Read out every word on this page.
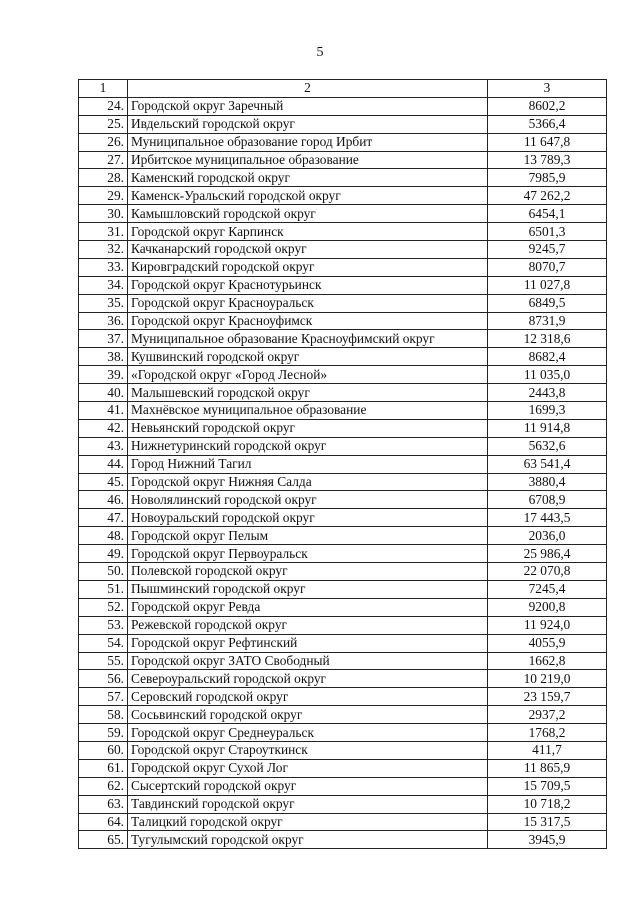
5
1	2	3
24.	Городской округ Заречный	8602,2
25.	Ивдельский городской округ	5366,4
26.	Муниципальное образование город Ирбит	11 647,8
27.	Ирбитское муниципальное образование	13 789,3
28.	Каменский городской округ	7985,9
29.	Каменск-Уральский городской округ	47 262,2
30.	Камышловский городской округ	6454,1
31.	Городской округ Карпинск	6501,3
32.	Качканарский городской округ	9245,7
33.	Кировградский городской округ	8070,7
34.	Городской округ Краснотурьинск	11 027,8
35.	Городской округ Красноуральск	6849,5
36.	Городской округ Красноуфимск	8731,9
37.	Муниципальное образование Красноуфимский округ	12 318,6
38.	Кушвинский городской округ	8682,4
39.	«Городской округ «Город Лесной»	11 035,0
40.	Малышевский городской округ	2443,8
41.	Махнёвское муниципальное образование	1699,3
42.	Невьянский городской округ	11 914,8
43.	Нижнетуринский городской округ	5632,6
44.	Город Нижний Тагил	63 541,4
45.	Городской округ Нижняя Салда	3880,4
46.	Новолялинский городской округ	6708,9
47.	Новоуральский городской округ	17 443,5
48.	Городской округ Пелым	2036,0
49.	Городской округ Первоуральск	25 986,4
50.	Полевской городской округ	22 070,8
51.	Пышминский городской округ	7245,4
52.	Городской округ Ревда	9200,8
53.	Режевской городской округ	11 924,0
54.	Городской округ Рефтинский	4055,9
55.	Городской округ ЗАТО Свободный	1662,8
56.	Североуральский городской округ	10 219,0
57.	Серовский городской округ	23 159,7
58.	Сосьвинский городской округ	2937,2
59.	Городской округ Среднеуральск	1768,2
60.	Городской округ Староуткинск	411,7
61.	Городской округ Сухой Лог	11 865,9
62.	Сысертский городской округ	15 709,5
63.	Тавдинский городской округ	10 718,2
64.	Талицкий городской округ	15 317,5
65.	Тугулымский городской округ	3945,9
